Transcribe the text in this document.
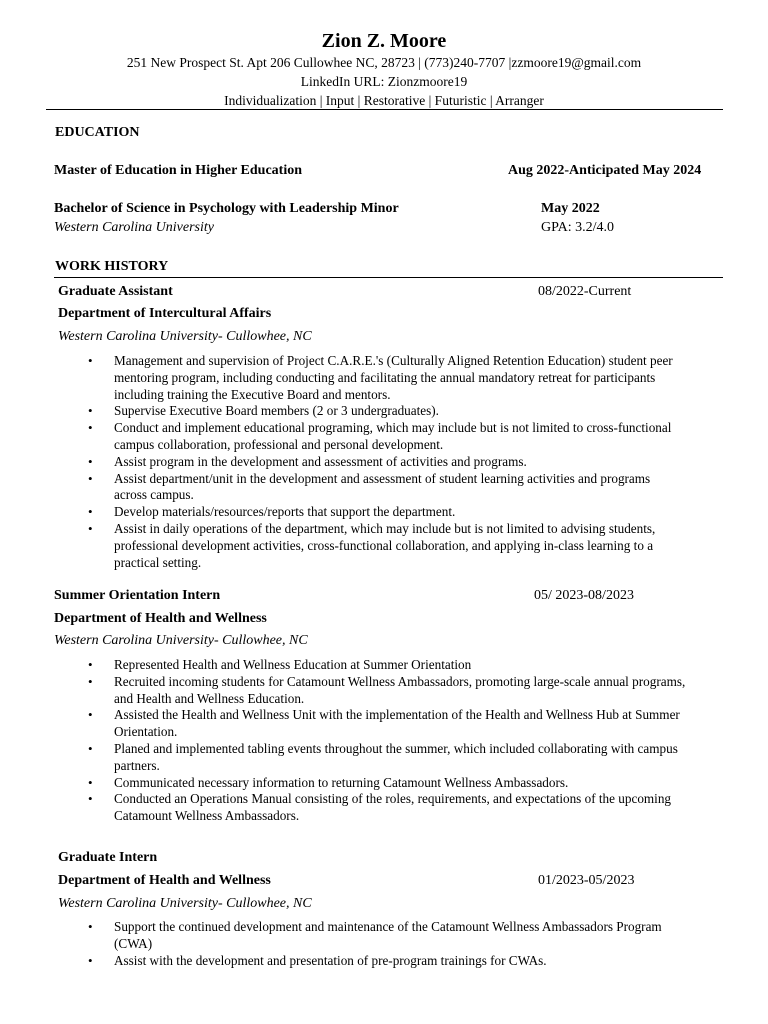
Zion Z. Moore
251 New Prospect St. Apt 206 Cullowhee NC, 28723 | (773)240-7707 |zzmoore19@gmail.com
LinkedIn URL: Zionzmoore19
Individualization | Input | Restorative | Futuristic | Arranger
EDUCATION
Master of Education in Higher Education	Aug 2022-Anticipated May 2024
Bachelor of Science in Psychology with Leadership Minor	May 2022
Western Carolina University	GPA: 3.2/4.0
WORK HISTORY
Graduate Assistant	08/2022-Current
Department of Intercultural Affairs
Western Carolina University- Cullowhee, NC
• Management and supervision of Project C.A.R.E.'s (Culturally Aligned Retention Education) student peer mentoring program, including conducting and facilitating the annual mandatory retreat for participants including training the Executive Board and mentors.
• Supervise Executive Board members (2 or 3 undergraduates).
• Conduct and implement educational programing, which may include but is not limited to cross-functional campus collaboration, professional and personal development.
• Assist program in the development and assessment of activities and programs.
• Assist department/unit in the development and assessment of student learning activities and programs across campus.
• Develop materials/resources/reports that support the department.
• Assist in daily operations of the department, which may include but is not limited to advising students, professional development activities, cross-functional collaboration, and applying in-class learning to a practical setting.
Summer Orientation Intern	05/ 2023-08/2023
Department of Health and Wellness
Western Carolina University- Cullowhee, NC
• Represented Health and Wellness Education at Summer Orientation
• Recruited incoming students for Catamount Wellness Ambassadors, promoting large-scale annual programs, and Health and Wellness Education.
• Assisted the Health and Wellness Unit with the implementation of the Health and Wellness Hub at Summer Orientation.
• Planed and implemented tabling events throughout the summer, which included collaborating with campus partners.
• Communicated necessary information to returning Catamount Wellness Ambassadors.
• Conducted an Operations Manual consisting of the roles, requirements, and expectations of the upcoming Catamount Wellness Ambassadors.
Graduate Intern
Department of Health and Wellness	01/2023-05/2023
Western Carolina University- Cullowhee, NC
• Support the continued development and maintenance of the Catamount Wellness Ambassadors Program (CWA)
• Assist with the development and presentation of pre-program trainings for CWAs.
